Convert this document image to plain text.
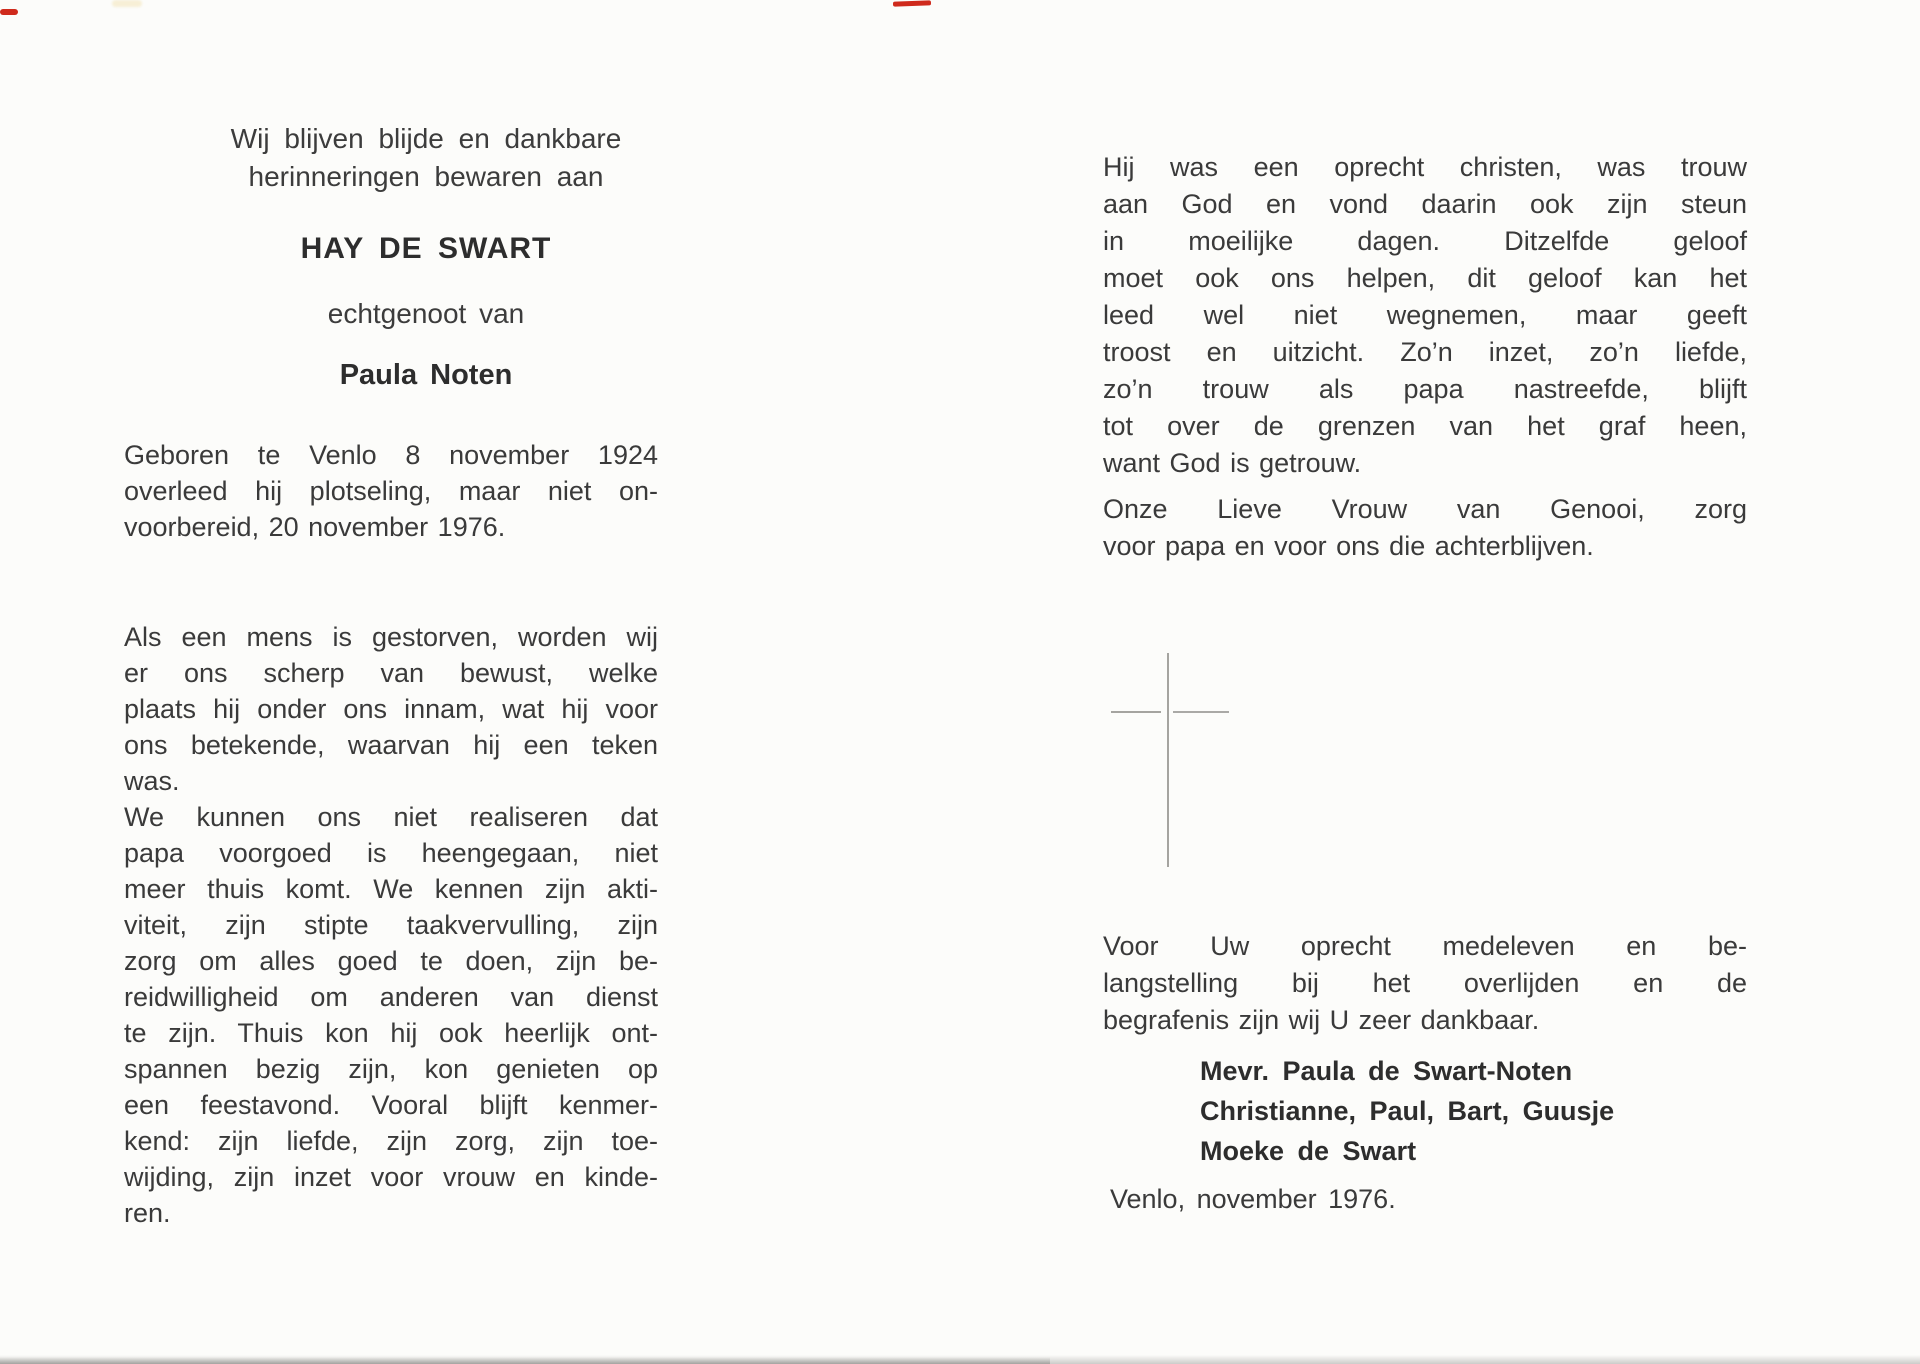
Wij blijven blijde en dankbare
herinneringen bewaren aan
HAY DE SWART
echtgenoot van
Paula Noten
Geboren te Venlo 8 november 1924
overleed hij plotseling, maar niet on-
voorbereid, 20 november 1976.
Als een mens is gestorven, worden wij
er ons scherp van bewust, welke
plaats hij onder ons innam, wat hij voor
ons betekende, waarvan hij een teken
was.
We kunnen ons niet realiseren dat
papa voorgoed is heengegaan, niet
meer thuis komt. We kennen zijn akti-
viteit, zijn stipte taakvervulling, zijn
zorg om alles goed te doen, zijn be-
reidwilligheid om anderen van dienst
te zijn. Thuis kon hij ook heerlijk ont-
spannen bezig zijn, kon genieten op
een feestavond. Vooral blijft kenmer-
kend: zijn liefde, zijn zorg, zijn toe-
wijding, zijn inzet voor vrouw en kinde-
ren.
Hij was een oprecht christen, was trouw
aan God en vond daarin ook zijn steun
in moeilijke dagen. Ditzelfde geloof
moet ook ons helpen, dit geloof kan het
leed wel niet wegnemen, maar geeft
troost en uitzicht. Zo’n inzet, zo’n liefde,
zo’n trouw als papa nastreefde, blijft
tot over de grenzen van het graf heen,
want God is getrouw.
Onze Lieve Vrouw van Genooi, zorg
voor papa en voor ons die achterblijven.
Voor Uw oprecht medeleven en be-
langstelling bij het overlijden en de
begrafenis zijn wij U zeer dankbaar.
Mevr. Paula de Swart-Noten
Christianne, Paul, Bart, Guusje
Moeke de Swart
Venlo, november 1976.
